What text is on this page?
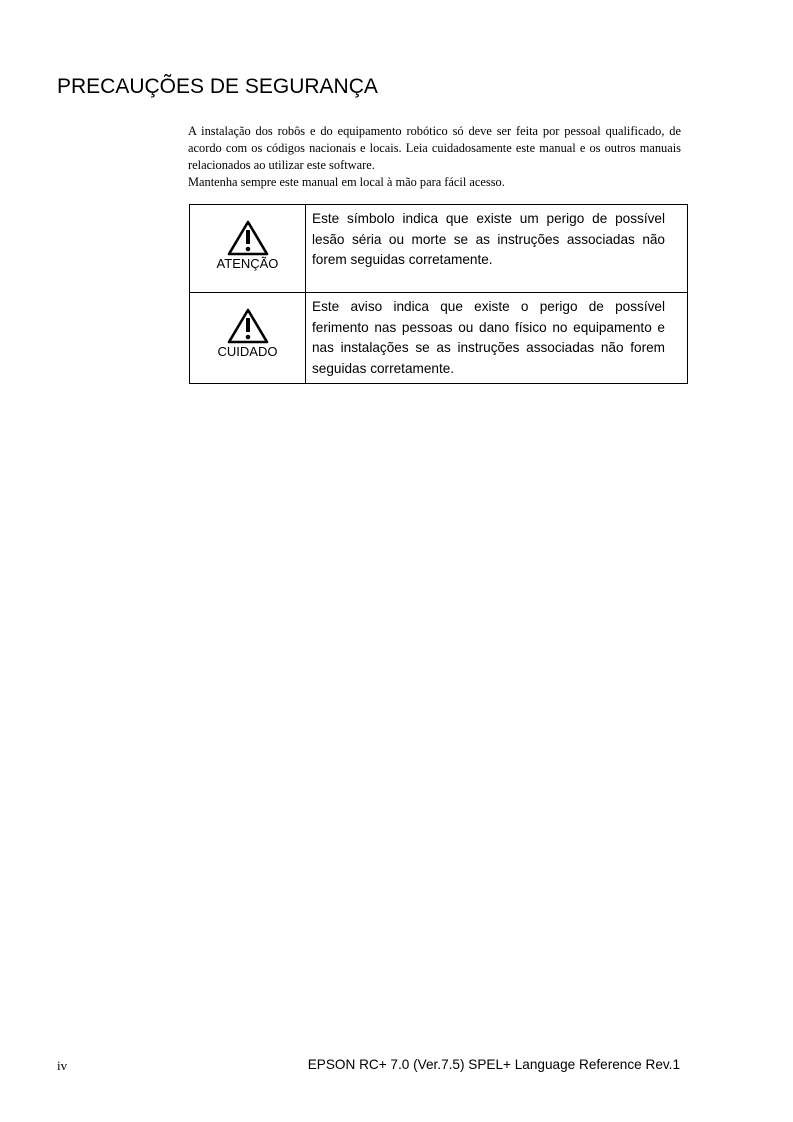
PRECAUÇÕES DE SEGURANÇA

A instalação dos robôs e do equipamento robótico só deve ser feita por pessoal qualificado, de acordo com os códigos nacionais e locais. Leia cuidadosamente este manual e os outros manuais relacionados ao utilizar este software.

Mantenha sempre este manual em local à mão para fácil acesso.

ATENÇÃO	Este símbolo indica que existe um perigo de possível lesão séria ou morte se as instruções associadas não forem seguidas corretamente.

CUIDADO	Este aviso indica que existe o perigo de possível ferimento nas pessoas ou dano físico no equipamento e nas instalações se as instruções associadas não forem seguidas corretamente.
iv	EPSON RC+ 7.0 (Ver.7.5) SPEL+ Language Reference Rev.1
